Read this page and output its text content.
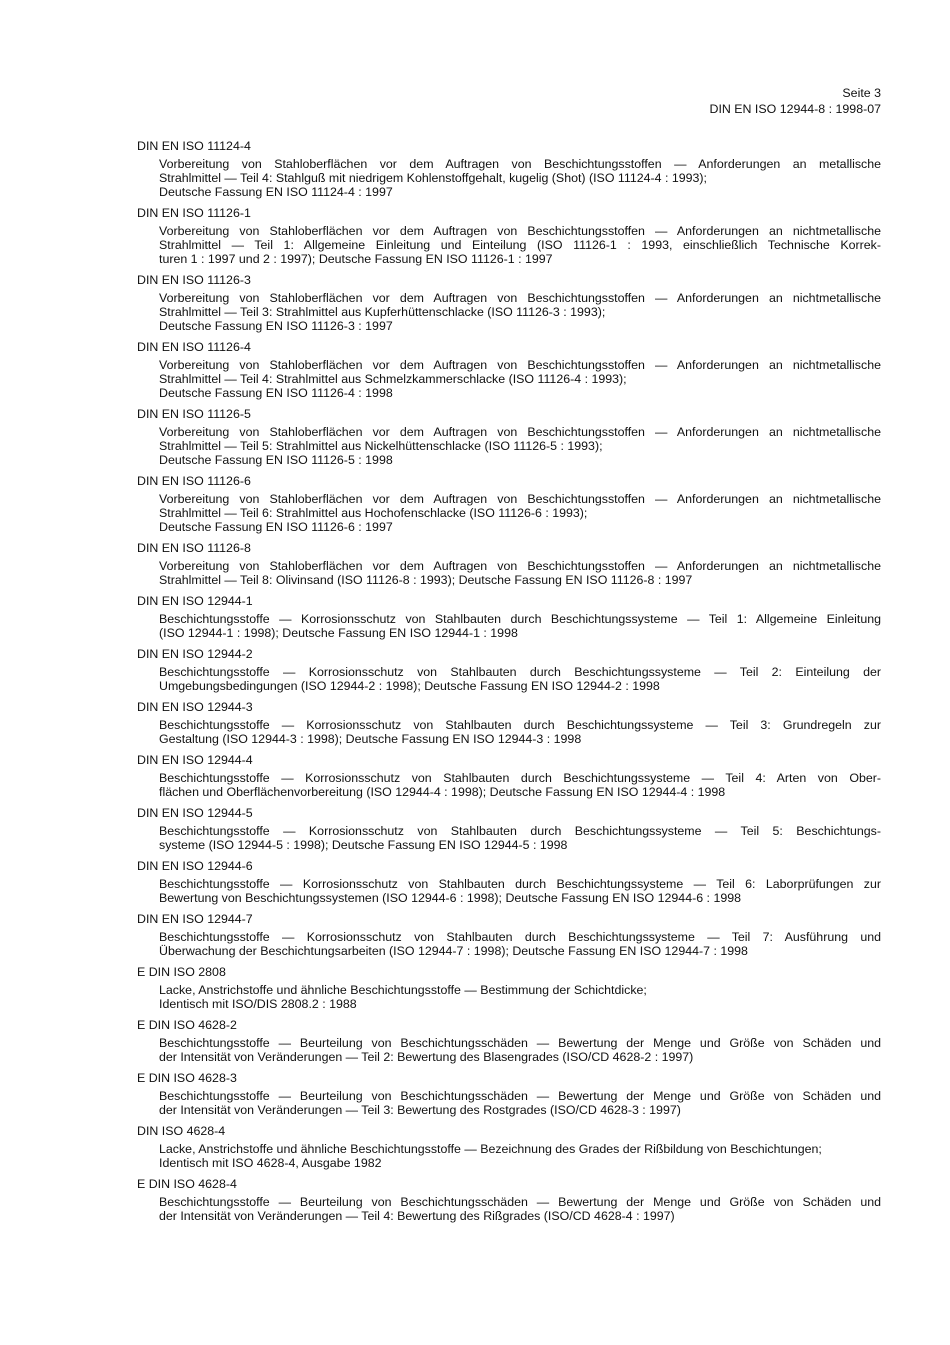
Seite 3
DIN EN ISO 12944-8 : 1998-07
DIN EN ISO 11124-4
Vorbereitung von Stahloberflächen vor dem Auftragen von Beschichtungsstoffen — Anforderungen an metallische
Strahlmittel — Teil 4: Stahlguß mit niedrigem Kohlenstoffgehalt, kugelig (Shot) (ISO 11124-4 : 1993);
Deutsche Fassung EN ISO 11124-4 : 1997
DIN EN ISO 11126-1
Vorbereitung von Stahloberflächen vor dem Auftragen von Beschichtungsstoffen — Anforderungen an nichtmetallische
Strahlmittel — Teil 1: Allgemeine Einleitung und Einteilung (ISO 11126-1 : 1993, einschließlich Technische Korrek-
turen 1 : 1997 und 2 : 1997); Deutsche Fassung EN ISO 11126-1 : 1997
DIN EN ISO 11126-3
Vorbereitung von Stahloberflächen vor dem Auftragen von Beschichtungsstoffen — Anforderungen an nichtmetallische
Strahlmittel — Teil 3: Strahlmittel aus Kupferhüttenschlacke (ISO 11126-3 : 1993);
Deutsche Fassung EN ISO 11126-3 : 1997
DIN EN ISO 11126-4
Vorbereitung von Stahloberflächen vor dem Auftragen von Beschichtungsstoffen — Anforderungen an nichtmetallische
Strahlmittel — Teil 4: Strahlmittel aus Schmelzkammerschlacke (ISO 11126-4 : 1993);
Deutsche Fassung EN ISO 11126-4 : 1998
DIN EN ISO 11126-5
Vorbereitung von Stahloberflächen vor dem Auftragen von Beschichtungsstoffen — Anforderungen an nichtmetallische
Strahlmittel — Teil 5: Strahlmittel aus Nickelhüttenschlacke (ISO 11126-5 : 1993);
Deutsche Fassung EN ISO 11126-5 : 1998
DIN EN ISO 11126-6
Vorbereitung von Stahloberflächen vor dem Auftragen von Beschichtungsstoffen — Anforderungen an nichtmetallische
Strahlmittel — Teil 6: Strahlmittel aus Hochofenschlacke (ISO 11126-6 : 1993);
Deutsche Fassung EN ISO 11126-6 : 1997
DIN EN ISO 11126-8
Vorbereitung von Stahloberflächen vor dem Auftragen von Beschichtungsstoffen — Anforderungen an nichtmetallische
Strahlmittel — Teil 8: Olivinsand (ISO 11126-8 : 1993); Deutsche Fassung EN ISO 11126-8 : 1997
DIN EN ISO 12944-1
Beschichtungsstoffe — Korrosionsschutz von Stahlbauten durch Beschichtungssysteme — Teil 1: Allgemeine Einleitung
(ISO 12944-1 : 1998); Deutsche Fassung EN ISO 12944-1 : 1998
DIN EN ISO 12944-2
Beschichtungsstoffe — Korrosionsschutz von Stahlbauten durch Beschichtungssysteme — Teil 2: Einteilung der
Umgebungsbedingungen (ISO 12944-2 : 1998); Deutsche Fassung EN ISO 12944-2 : 1998
DIN EN ISO 12944-3
Beschichtungsstoffe — Korrosionsschutz von Stahlbauten durch Beschichtungssysteme — Teil 3: Grundregeln zur
Gestaltung (ISO 12944-3 : 1998); Deutsche Fassung EN ISO 12944-3 : 1998
DIN EN ISO 12944-4
Beschichtungsstoffe — Korrosionsschutz von Stahlbauten durch Beschichtungssysteme — Teil 4: Arten von Ober-
flächen und Oberflächenvorbereitung (ISO 12944-4 : 1998); Deutsche Fassung EN ISO 12944-4 : 1998
DIN EN ISO 12944-5
Beschichtungsstoffe — Korrosionsschutz von Stahlbauten durch Beschichtungssysteme — Teil 5: Beschichtungs-
systeme (ISO 12944-5 : 1998); Deutsche Fassung EN ISO 12944-5 : 1998
DIN EN ISO 12944-6
Beschichtungsstoffe — Korrosionsschutz von Stahlbauten durch Beschichtungssysteme — Teil 6: Laborprüfungen zur
Bewertung von Beschichtungssystemen (ISO 12944-6 : 1998); Deutsche Fassung EN ISO 12944-6 : 1998
DIN EN ISO 12944-7
Beschichtungsstoffe — Korrosionsschutz von Stahlbauten durch Beschichtungssysteme — Teil 7: Ausführung und
Überwachung der Beschichtungsarbeiten (ISO 12944-7 : 1998); Deutsche Fassung EN ISO 12944-7 : 1998
E DIN ISO 2808
Lacke, Anstrichstoffe und ähnliche Beschichtungsstoffe — Bestimmung der Schichtdicke;
Identisch mit ISO/DIS 2808.2 : 1988
E DIN ISO 4628-2
Beschichtungsstoffe — Beurteilung von Beschichtungsschäden — Bewertung der Menge und Größe von Schäden und
der Intensität von Veränderungen — Teil 2: Bewertung des Blasengrades (ISO/CD 4628-2 : 1997)
E DIN ISO 4628-3
Beschichtungsstoffe — Beurteilung von Beschichtungsschäden — Bewertung der Menge und Größe von Schäden und
der Intensität von Veränderungen — Teil 3: Bewertung des Rostgrades (ISO/CD 4628-3 : 1997)
DIN ISO 4628-4
Lacke, Anstrichstoffe und ähnliche Beschichtungsstoffe — Bezeichnung des Grades der Rißbildung von Beschichtungen;
Identisch mit ISO 4628-4, Ausgabe 1982
E DIN ISO 4628-4
Beschichtungsstoffe — Beurteilung von Beschichtungsschäden — Bewertung der Menge und Größe von Schäden und
der Intensität von Veränderungen — Teil 4: Bewertung des Rißgrades (ISO/CD 4628-4 : 1997)
